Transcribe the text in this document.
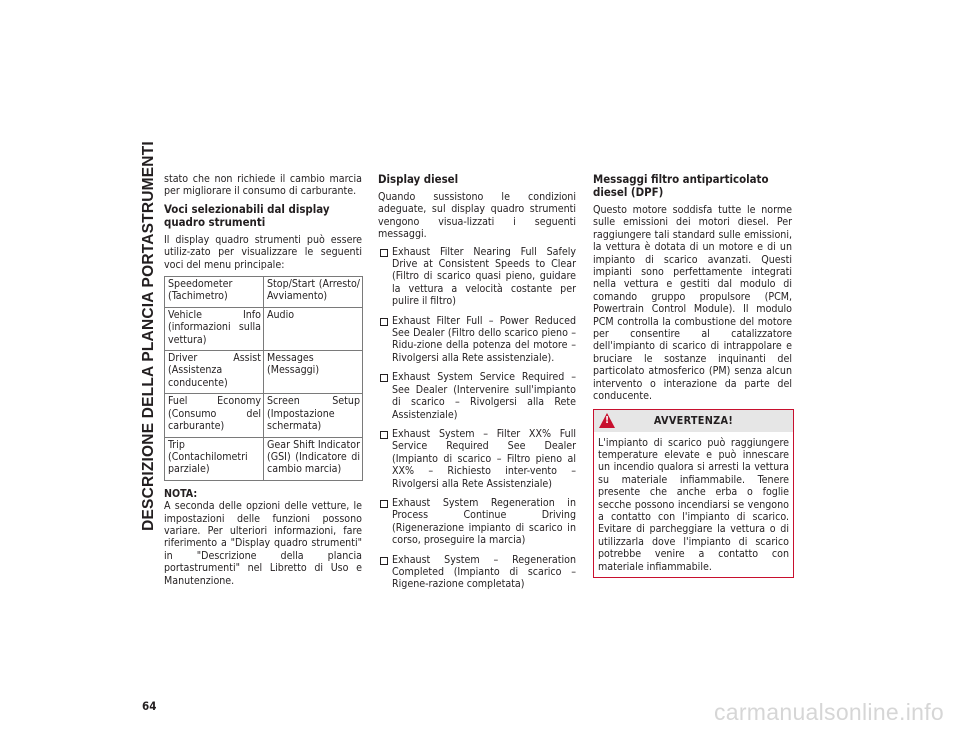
DESCRIZIONE DELLA PLANCIA PORTASTRUMENTI
64

stato che non richiede il cambio marcia per migliorare il consumo di carburante.

Voci selezionabili dal display quadro strumenti

Il display quadro strumenti può essere utiliz-zato per visualizzare le seguenti voci del menu principale:

Speedometer (Tachimetro)	Stop/Start (Arresto/ Avviamento)
Vehicle Info (informazioni sulla vettura)	Audio
Driver Assist (Assistenza conducente)	Messages (Messaggi)
Fuel Economy (Consumo del carburante)	Screen Setup (Impostazione schermata)
Trip (Contachilometri parziale)	Gear Shift Indicator (GSI) (Indicatore di cambio marcia)

NOTA:

A seconda delle opzioni delle vetture, le impostazioni delle funzioni possono variare. Per ulteriori informazioni, fare riferimento a "Display quadro strumenti" in "Descrizione della plancia portastrumenti" nel Libretto di Uso e Manutenzione.

Display diesel

Quando sussistono le condizioni adeguate, sul display quadro strumenti vengono visua-lizzati i seguenti messaggi.

Exhaust Filter Nearing Full Safely Drive at Consistent Speeds to Clear (Filtro di scarico quasi pieno, guidare la vettura a velocità costante per pulire il filtro)
Exhaust Filter Full – Power Reduced See Dealer (Filtro dello scarico pieno – Ridu-zione della potenza del motore – Rivolgersi alla Rete assistenziale).
Exhaust System Service Required – See Dealer (Intervenire sull'impianto di scarico – Rivolgersi alla Rete Assistenziale)
Exhaust System – Filter XX% Full Service Required See Dealer (Impianto di scarico – Filtro pieno al XX% – Richiesto inter-vento – Rivolgersi alla Rete Assistenziale)
Exhaust System Regeneration in Process Continue Driving (Rigenerazione impianto di scarico in corso, proseguire la marcia)
Exhaust System – Regeneration Completed (Impianto di scarico – Rigene-razione completata)
Messaggi filtro antiparticolato diesel (DPF)

Questo motore soddisfa tutte le norme sulle emissioni dei motori diesel. Per raggiungere tali standard sulle emissioni, la vettura è dotata di un motore e di un impianto di scarico avanzati. Questi impianti sono perfettamente integrati nella vettura e gestiti dal modulo di comando gruppo propulsore (PCM, Powertrain Control Module). Il modulo PCM controlla la combustione del motore per consentire al catalizzatore dell'impianto di scarico di intrappolare e bruciare le sostanze inquinanti del particolato atmosferico (PM) senza alcun intervento o interazione da parte del conducente.

!	AVVERTENZA!
L'impianto di scarico può raggiungere temperature elevate e può innescare un incendio qualora si arresti la vettura su materiale infiammabile. Tenere presente che anche erba o foglie secche possono incendiarsi se vengono a contatto con l'impianto di scarico. Evitare di parcheggiare la vettura o di utilizzarla dove l'impianto di scarico potrebbe venire a contatto con materiale infiammabile.
carmanualsonline.info
